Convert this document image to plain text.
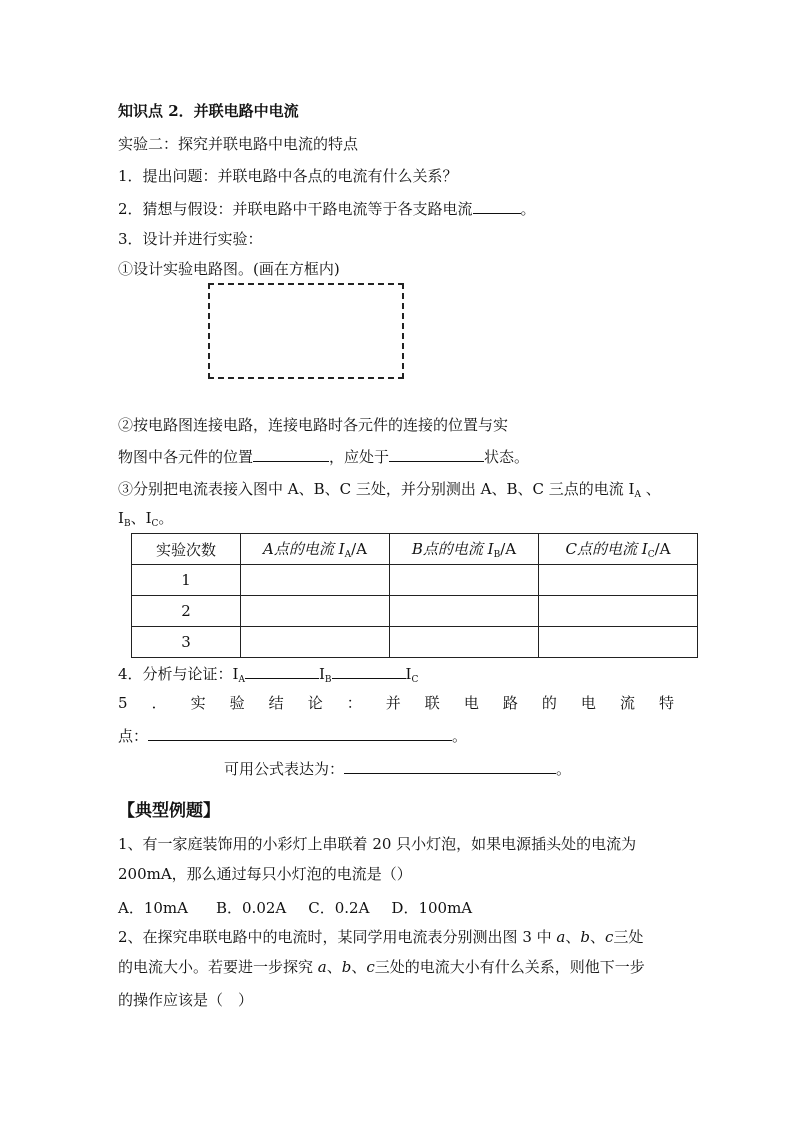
知识点 2．并联电路中电流
实验二：探究并联电路中电流的特点
1．提出问题：并联电路中各点的电流有什么关系？
2．猜想与假设：并联电路中干路电流等于各支路电流	。
3．设计并进行实验：
①设计实验电路图。(画在方框内)
②按电路图连接电路，连接电路时各元件的连接的位置与实
物图中各元件的位置	，应处于	状态。
③分别把电流表接入图中 A、B、C 三处，并分别测出 A、B、C 三点的电流 $I_A$ 、
$I_B$、$I_C$。
实验次数	A点的电流 $I_A/A$	B点的电流 $I_B/A$	C点的电流 $I_C/A$
1			
2			
3			
4．分析与论证：$I_A$	$I_B$	$I_C$
5 ． 实 验 结 论 ： 并 联 电 路 的 电 流 特
点：	。
可用公式表达为：	。
【典型例题】
1、有一家庭装饰用的小彩灯上串联着 20 只小灯泡，如果电源插头处的电流为
200mA，那么通过每只小灯泡的电流是（）
A．10mA B．0.02A C．0.2A D．100mA
2、在探究串联电路中的电流时，某同学用电流表分别测出图 3 中 a、b、c三处
的电流大小。若要进一步探究 a、b、c三处的电流大小有什么关系，则他下一步
的操作应该是（　）
